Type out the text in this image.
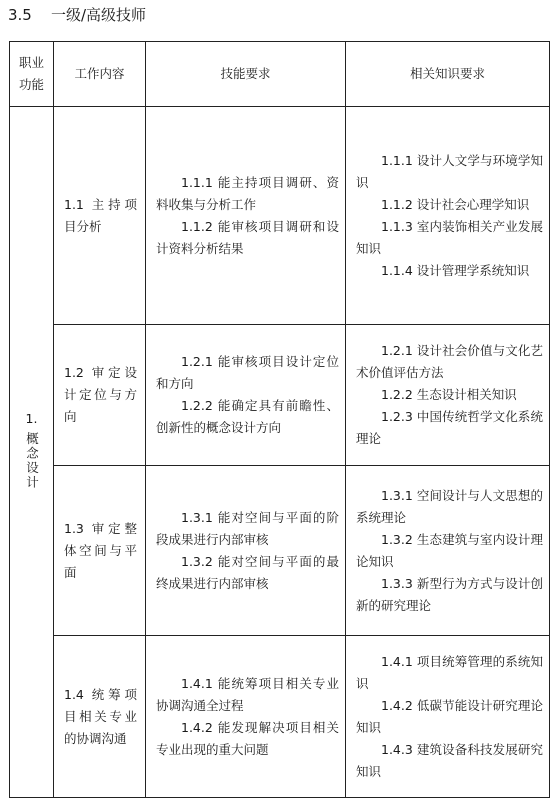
3.5 一级/高级技师
职业
功能	工作内容	技能要求	相关知识要求

1.
概念设计	1.1 主持项目分析	1.1.1 能主持项目调研、资料收集与分析工作
1.1.2 能审核项目调研和设计资料分析结果	1.1.1 设计人文学与环境学知识
1.1.2 设计社会心理学知识
1.1.3 室内装饰相关产业发展知识
1.1.4 设计管理学系统知识

	1.2 审定设计定位与方向	1.2.1 能审核项目设计定位和方向
1.2.2 能确定具有前瞻性、创新性的概念设计方向	1.2.1 设计社会价值与文化艺术价值评估方法
1.2.2 生态设计相关知识
1.2.3 中国传统哲学文化系统理论

	1.3 审定整体空间与平面	1.3.1 能对空间与平面的阶段成果进行内部审核
1.3.2 能对空间与平面的最终成果进行内部审核	1.3.1 空间设计与人文思想的系统理论
1.3.2 生态建筑与室内设计理论知识
1.3.3 新型行为方式与设计创新的研究理论

	1.4 统筹项目相关专业的协调沟通	1.4.1 能统筹项目相关专业协调沟通全过程
1.4.2 能发现解决项目相关专业出现的重大问题	1.4.1 项目统筹管理的系统知识
1.4.2 低碳节能设计研究理论知识
1.4.3 建筑设备科技发展研究知识
